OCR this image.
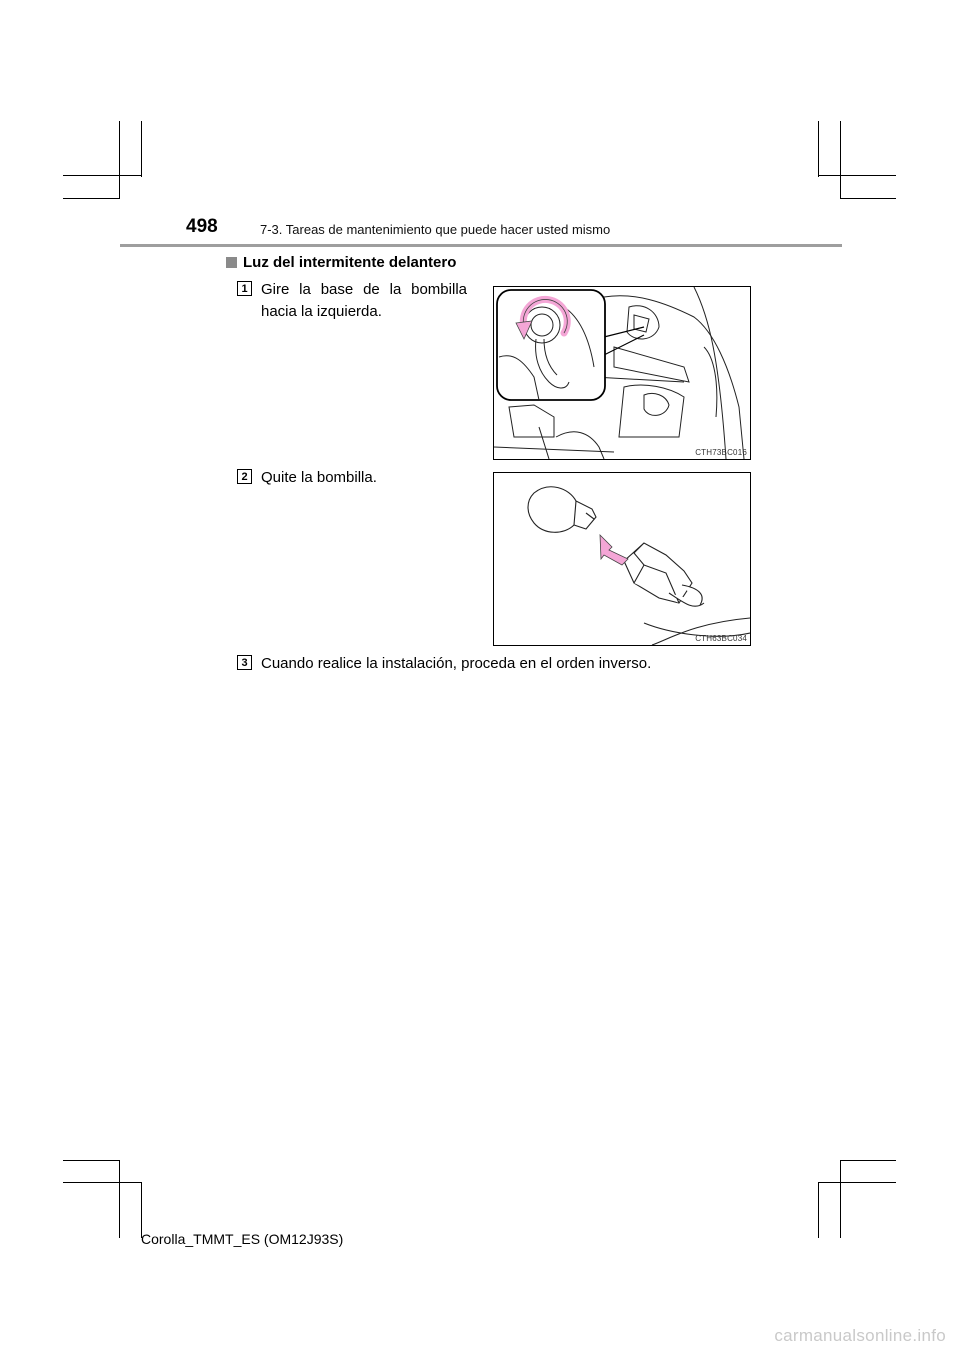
498	7-3. Tareas de mantenimiento que puede hacer usted mismo
Luz del intermitente delantero
1 Gire la base de la bombilla
hacia la izquierda.
CTH73BC016
2 Quite la bombilla.
CTH63BC034
3 Cuando realice la instalación, proceda en el orden inverso.
Corolla_TMMT_ES (OM12J93S)
carmanualsonline.info
